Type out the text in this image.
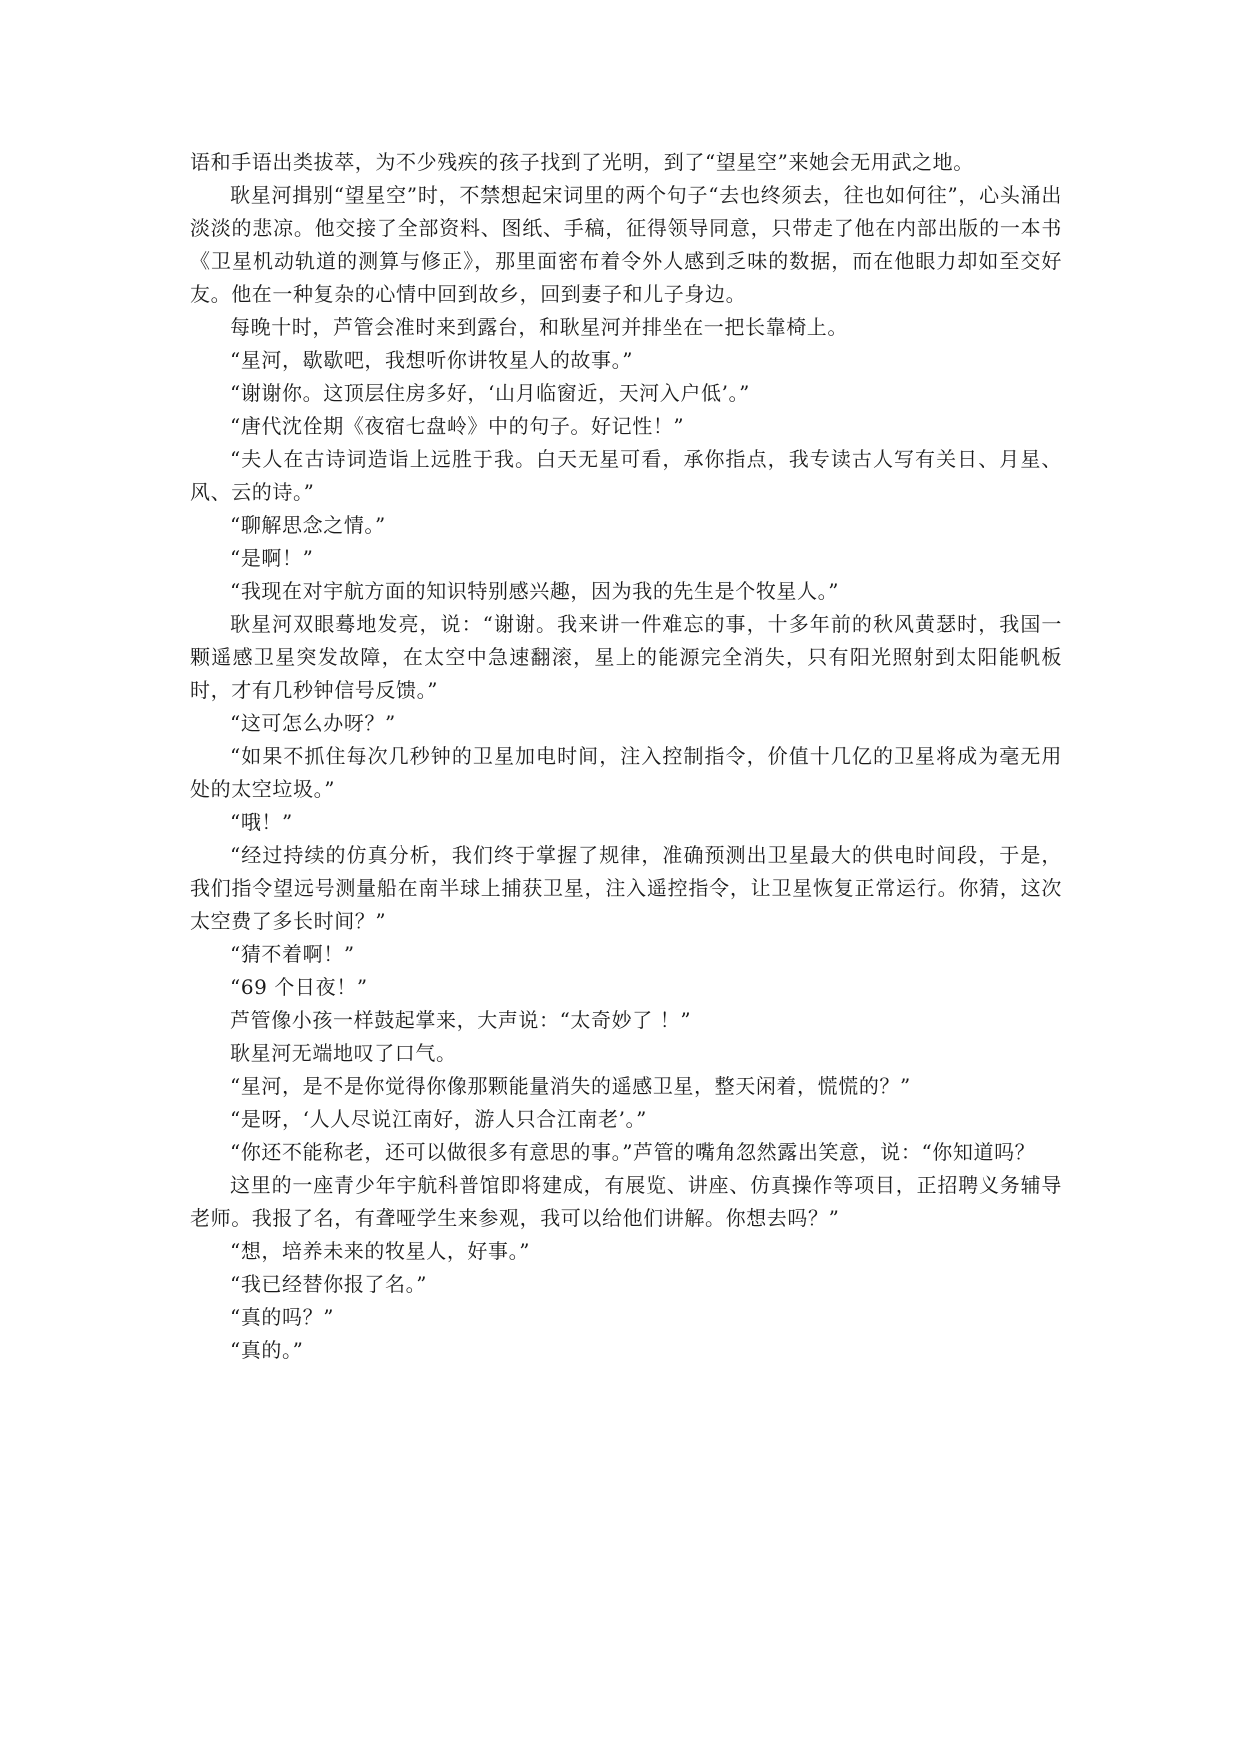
语和手语出类拔萃，为不少残疾的孩子找到了光明，到了“望星空”来她会无用武之地。

耿星河揖别“望星空”时，不禁想起宋词里的两个句子“去也终须去，往也如何往”，心头涌出淡淡的悲凉。他交接了全部资料、图纸、手稿，征得领导同意，只带走了他在内部出版的一本书《卫星机动轨道的测算与修正》，那里面密布着令外人感到乏味的数据，而在他眼力却如至交好友。他在一种复杂的心情中回到故乡，回到妻子和儿子身边。

每晚十时，芦管会准时来到露台，和耿星河并排坐在一把长靠椅上。

“星河，歇歇吧，我想听你讲牧星人的故事。”

“谢谢你。这顶层住房多好，‘山月临窗近，天河入户低’。”

“唐代沈佺期《夜宿七盘岭》中的句子。好记性！”

“夫人在古诗词造诣上远胜于我。白天无星可看，承你指点，我专读古人写有关日、月星、风、云的诗。”

“聊解思念之情。”

“是啊！”

“我现在对宇航方面的知识特别感兴趣，因为我的先生是个牧星人。”

耿星河双眼蓦地发亮，说：“谢谢。我来讲一件难忘的事，十多年前的秋风黄瑟时，我国一颗遥感卫星突发故障，在太空中急速翻滚，星上的能源完全消失，只有阳光照射到太阳能帆板时，才有几秒钟信号反馈。”

“这可怎么办呀？”

“如果不抓住每次几秒钟的卫星加电时间，注入控制指令，价值十几亿的卫星将成为毫无用处的太空垃圾。”

“哦！”

“经过持续的仿真分析，我们终于掌握了规律，准确预测出卫星最大的供电时间段，于是，我们指令望远号测量船在南半球上捕获卫星，注入遥控指令，让卫星恢复正常运行。你猜，这次太空费了多长时间？”

“猜不着啊！”

“69 个日夜！”

芦管像小孩一样鼓起掌来，大声说：“太奇妙了 ！”

耿星河无端地叹了口气。

“星河，是不是你觉得你像那颗能量消失的遥感卫星，整天闲着，慌慌的？”

“是呀，‘人人尽说江南好，游人只合江南老’。”

“你还不能称老，还可以做很多有意思的事。”芦管的嘴角忽然露出笑意，说：“你知道吗？

这里的一座青少年宇航科普馆即将建成，有展览、讲座、仿真操作等项目，正招聘义务辅导老师。我报了名，有聋哑学生来参观，我可以给他们讲解。你想去吗？”

“想，培养未来的牧星人，好事。”

“我已经替你报了名。”

“真的吗？”

“真的。”
